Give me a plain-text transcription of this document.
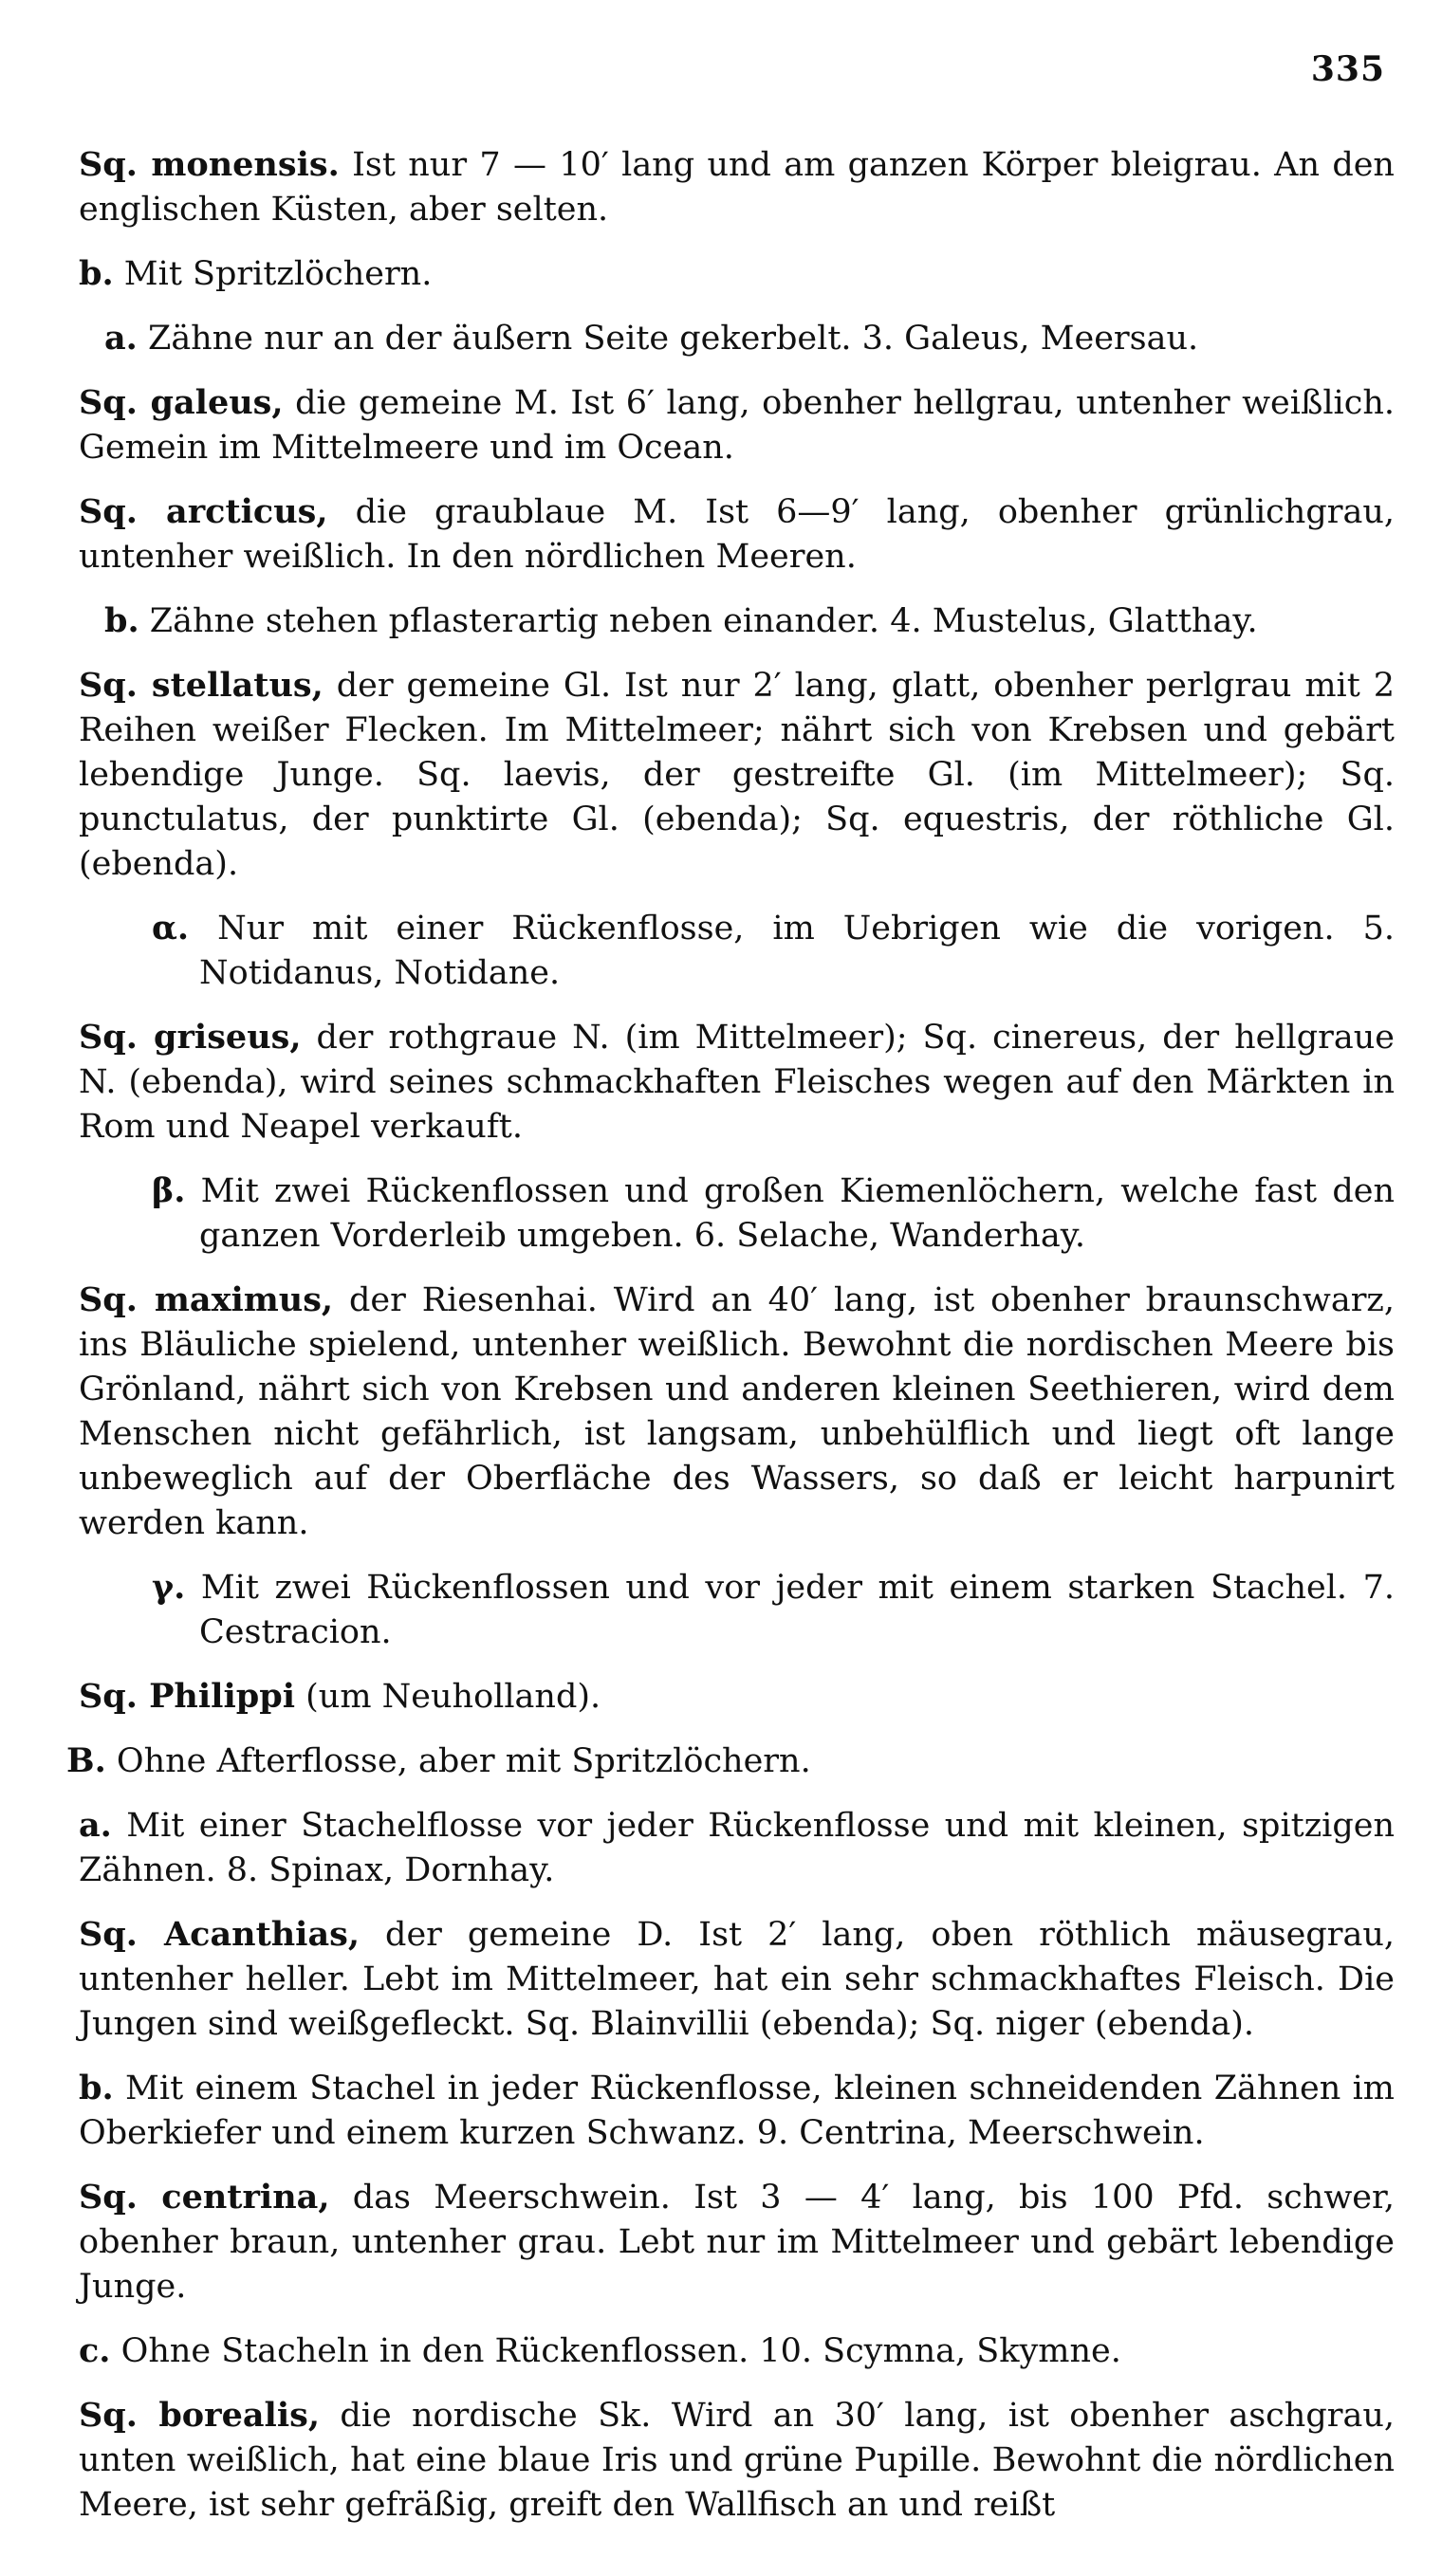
335

Sq. monensis. Ist nur 7 — 10′ lang und am ganzen Körper bleigrau. An den englischen Küsten, aber selten.

b. Mit Spritzlöchern.

a. Zähne nur an der äußern Seite gekerbelt. 3. Galeus, Meersau.

Sq. galeus, die gemeine M. Ist 6′ lang, obenher hellgrau, untenher weißlich. Gemein im Mittelmeere und im Ocean.

Sq. arcticus, die graublaue M. Ist 6—9′ lang, obenher grünlichgrau, untenher weißlich. In den nördlichen Meeren.

b. Zähne stehen pflasterartig neben einander. 4. Mustelus, Glatthay.

Sq. stellatus, der gemeine Gl. Ist nur 2′ lang, glatt, obenher perlgrau mit 2 Reihen weißer Flecken. Im Mittelmeer; nährt sich von Krebsen und gebärt lebendige Junge. Sq. laevis, der gestreifte Gl. (im Mittelmeer); Sq. punctulatus, der punktirte Gl. (ebenda); Sq. equestris, der röthliche Gl. (ebenda).

α. Nur mit einer Rückenflosse, im Uebrigen wie die vorigen. 5. Notidanus, Notidane.

Sq. griseus, der rothgraue N. (im Mittelmeer); Sq. cinereus, der hellgraue N. (ebenda), wird seines schmackhaften Fleisches wegen auf den Märkten in Rom und Neapel verkauft.

β. Mit zwei Rückenflossen und großen Kiemenlöchern, welche fast den ganzen Vorderleib umgeben. 6. Selache, Wanderhay.

Sq. maximus, der Riesenhai. Wird an 40′ lang, ist obenher braunschwarz, ins Bläuliche spielend, untenher weißlich. Bewohnt die nordischen Meere bis Grönland, nährt sich von Krebsen und anderen kleinen Seethieren, wird dem Menschen nicht gefährlich, ist langsam, unbehülflich und liegt oft lange unbeweglich auf der Oberfläche des Wassers, so daß er leicht harpunirt werden kann.

γ. Mit zwei Rückenflossen und vor jeder mit einem starken Stachel. 7. Cestracion.

Sq. Philippi (um Neuholland).

B. Ohne Afterflosse, aber mit Spritzlöchern.

a. Mit einer Stachelflosse vor jeder Rückenflosse und mit kleinen, spitzigen Zähnen. 8. Spinax, Dornhay.

Sq. Acanthias, der gemeine D. Ist 2′ lang, oben röthlich mäusegrau, untenher heller. Lebt im Mittelmeer, hat ein sehr schmackhaftes Fleisch. Die Jungen sind weißgefleckt. Sq. Blainvillii (ebenda); Sq. niger (ebenda).

b. Mit einem Stachel in jeder Rückenflosse, kleinen schneidenden Zähnen im Oberkiefer und einem kurzen Schwanz. 9. Centrina, Meerschwein.

Sq. centrina, das Meerschwein. Ist 3 — 4′ lang, bis 100 Pfd. schwer, obenher braun, untenher grau. Lebt nur im Mittelmeer und gebärt lebendige Junge.

c. Ohne Stacheln in den Rückenflossen. 10. Scymna, Skymne.

Sq. borealis, die nordische Sk. Wird an 30′ lang, ist obenher aschgrau, unten weißlich, hat eine blaue Iris und grüne Pupille. Bewohnt die nördlichen Meere, ist sehr gefräßig, greift den Wallfisch an und reißt
